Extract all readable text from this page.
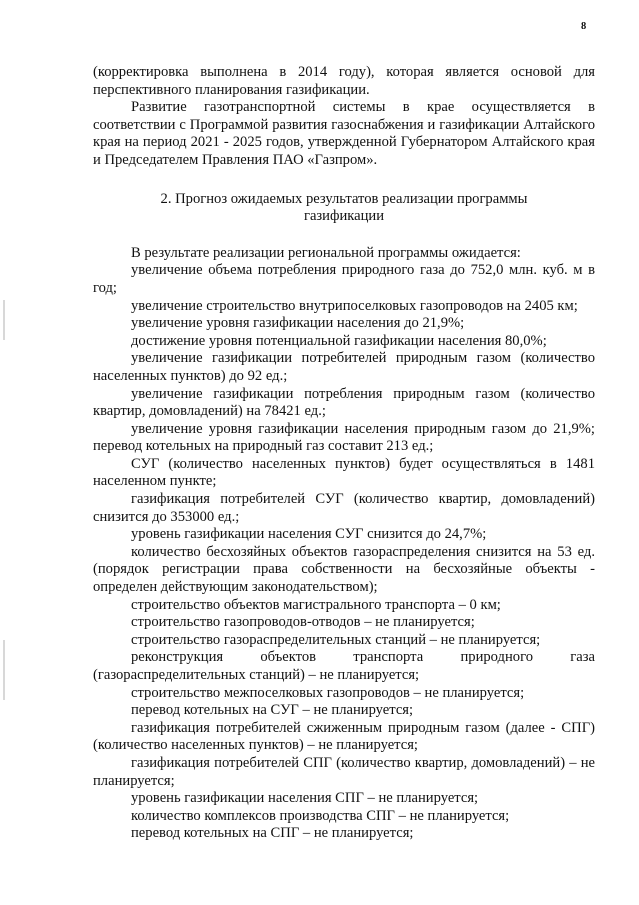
8

(корректировка выполнена в 2014 году), которая является основой для перспективного планирования газификации.

Развитие газотранспортной системы в крае осуществляется в соответствии с Программой развития газоснабжения и газификации Алтайского края на период 2021 - 2025 годов, утвержденной Губернатором Алтайского края и Председателем Правления ПАО «Газпром».

2. Прогноз ожидаемых результатов реализации программы газификации

В результате реализации региональной программы ожидается:

увеличение объема потребления природного газа до 752,0 млн. куб. м в год;

увеличение строительство внутрипоселковых газопроводов на 2405 км;

увеличение уровня газификации населения до 21,9%;

достижение уровня потенциальной газификации населения 80,0%;

увеличение газификации потребителей природным газом (количество населенных пунктов) до 92 ед.;

увеличение газификации потребления природным газом (количество квартир, домовладений) на 78421 ед.;

увеличение уровня газификации населения природным газом до 21,9%; перевод котельных на природный газ составит 213 ед.;

СУГ (количество населенных пунктов) будет осуществляться в 1481 населенном пункте;

газификация потребителей СУГ (количество квартир, домовладений) снизится до 353000 ед.;

уровень газификации населения СУГ снизится до 24,7%;

количество бесхозяйных объектов газораспределения снизится на 53 ед. (порядок регистрации права собственности на бесхозяйные объекты - определен действующим законодательством);

строительство объектов магистрального транспорта – 0 км;

строительство газопроводов-отводов – не планируется;

строительство газораспределительных станций – не планируется;

реконструкция объектов транспорта природного газа (газораспределительных станций) – не планируется;

строительство межпоселковых газопроводов – не планируется;

перевод котельных на СУГ – не планируется;

газификация потребителей сжиженным природным газом (далее - СПГ) (количество населенных пунктов) – не планируется;

газификация потребителей СПГ (количество квартир, домовладений) – не планируется;

уровень газификации населения СПГ – не планируется;

количество комплексов производства СПГ – не планируется;

перевод котельных на СПГ – не планируется;
